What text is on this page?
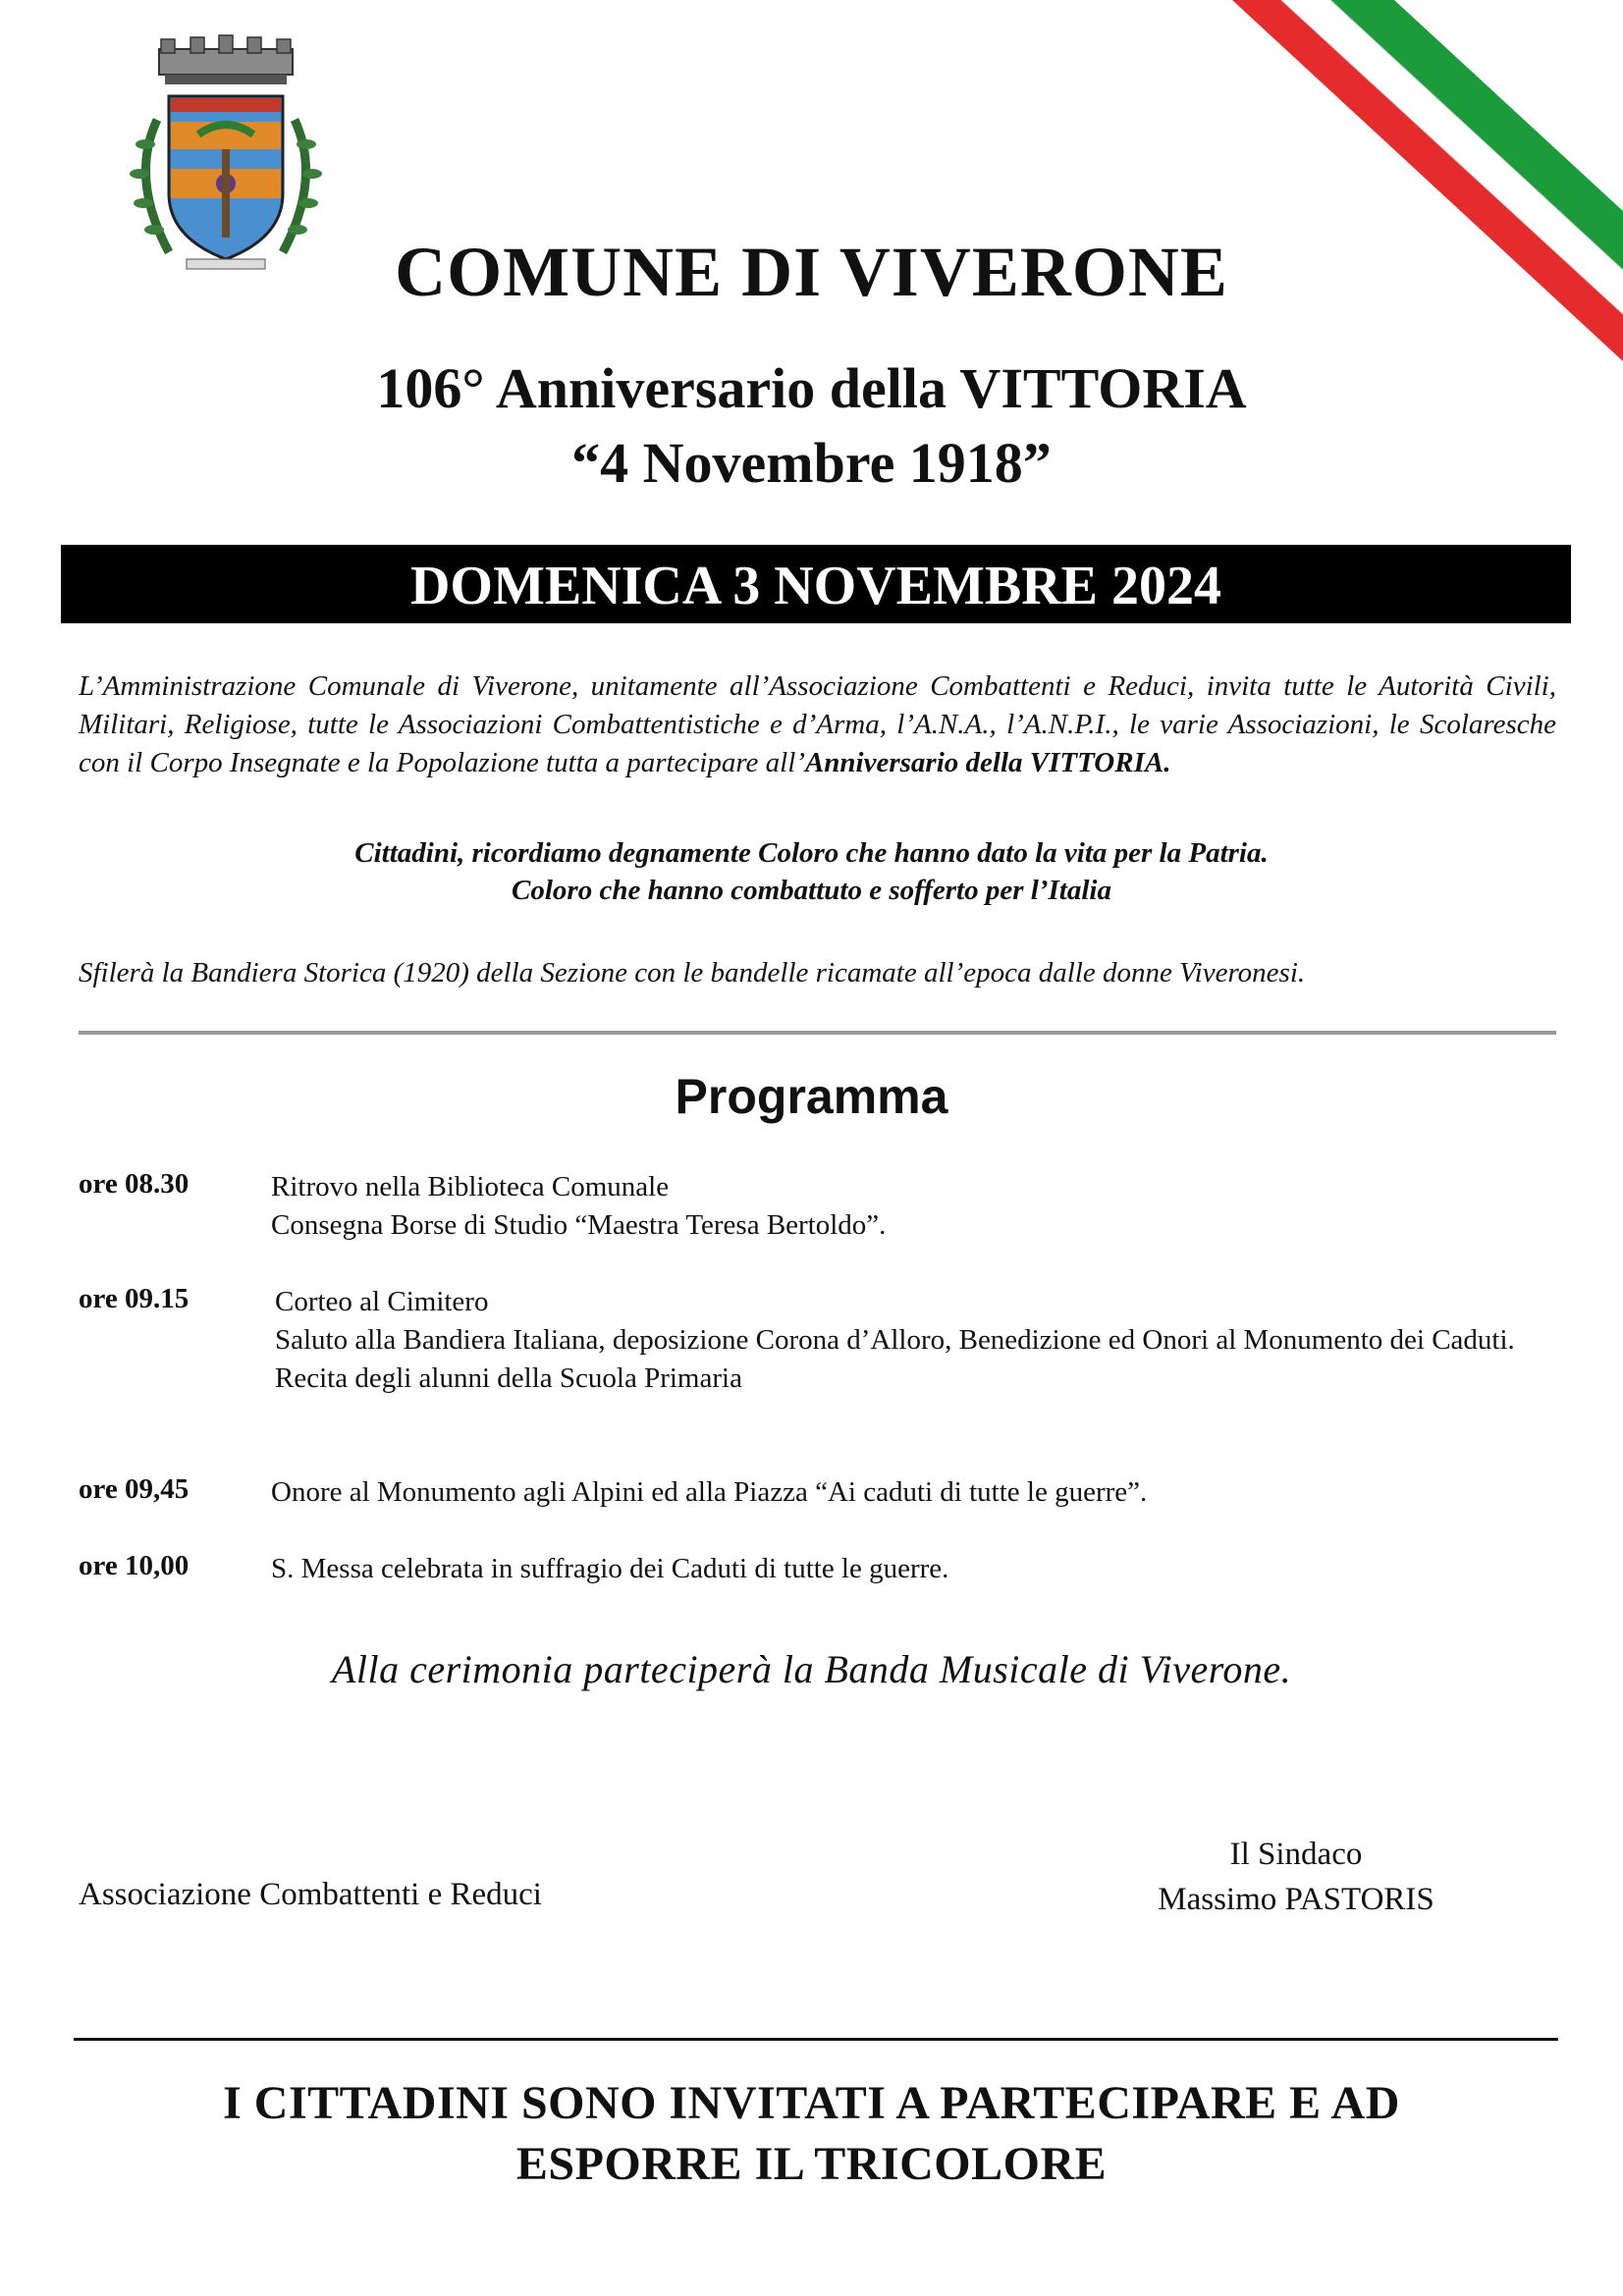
COMUNE DI VIVERONE
106° Anniversario della VITTORIA
“4 Novembre 1918”
DOMENICA 3 NOVEMBRE 2024
L’Amministrazione Comunale di Viverone, unitamente all’Associazione Combattenti e Reduci, invita tutte le Autorità Civili, Militari, Religiose, tutte le Associazioni Combattentistiche e d’Arma, l’A.N.A., l’A.N.P.I., le varie Associazioni, le Scolaresche con il Corpo Insegnate e la Popolazione tutta a partecipare all’Anniversario della VITTORIA.
Cittadini, ricordiamo degnamente Coloro che hanno dato la vita per la Patria.
Coloro che hanno combattuto e sofferto per l’Italia
Sfilerà la Bandiera Storica (1920) della Sezione con le bandelle ricamate all’epoca dalle donne Viveronesi.
Programma
ore 08.30	Ritrovo nella Biblioteca Comunale

Consegna Borse di Studio “Maestra Teresa Bertoldo”.

ore 09.15	Corteo al Cimitero

Saluto alla Bandiera Italiana, deposizione Corona d’Alloro, Benedizione ed Onori al Monumento dei Caduti.

Recita degli alunni della Scuola Primaria

ore 09,45	Onore al Monumento agli Alpini ed alla Piazza “Ai caduti di tutte le guerre”.

ore 10,00	S. Messa celebrata in suffragio dei Caduti di tutte le guerre.

Alla cerimonia parteciperà la Banda Musicale di Viverone.
Associazione Combattenti e Reduci
Il Sindaco
Massimo PASTORIS
I CITTADINI SONO INVITATI A PARTECIPARE E AD
ESPORRE IL TRICOLORE
